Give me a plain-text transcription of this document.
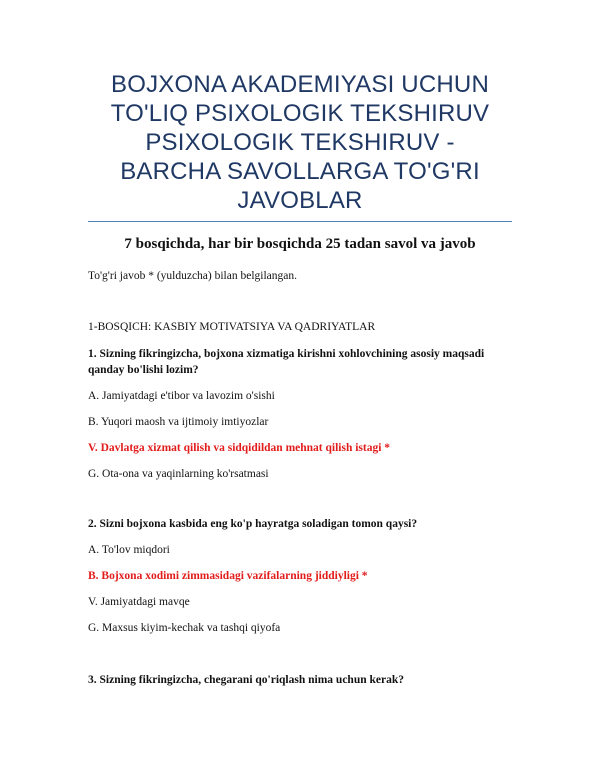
BOJXONA AKADEMIYASI UCHUN
TO'LIQ PSIXOLOGIK TEKSHIRUV
PSIXOLOGIK TEKSHIRUV -
BARCHA SAVOLLARGA TO'G'RI
JAVOBLAR
7 bosqichda, har bir bosqichda 25 tadan savol va javob
To'g'ri javob * (yulduzcha) bilan belgilangan.
1-BOSQICH: KASBIY MOTIVATSIYA VA QADRIYATLAR
1. Sizning fikringizcha, bojxona xizmatiga kirishni xohlovchining asosiy maqsadi
qanday bo'lishi lozim?
A. Jamiyatdagi e'tibor va lavozim o'sishi
B. Yuqori maosh va ijtimoiy imtiyozlar
V. Davlatga xizmat qilish va sidqidildan mehnat qilish istagi *
G. Ota-ona va yaqinlarning ko'rsatmasi
2. Sizni bojxona kasbida eng ko'p hayratga soladigan tomon qaysi?
A. To'lov miqdori
B. Bojxona xodimi zimmasidagi vazifalarning jiddiyligi *
V. Jamiyatdagi mavqe
G. Maxsus kiyim-kechak va tashqi qiyofa
3. Sizning fikringizcha, chegarani qo'riqlash nima uchun kerak?
